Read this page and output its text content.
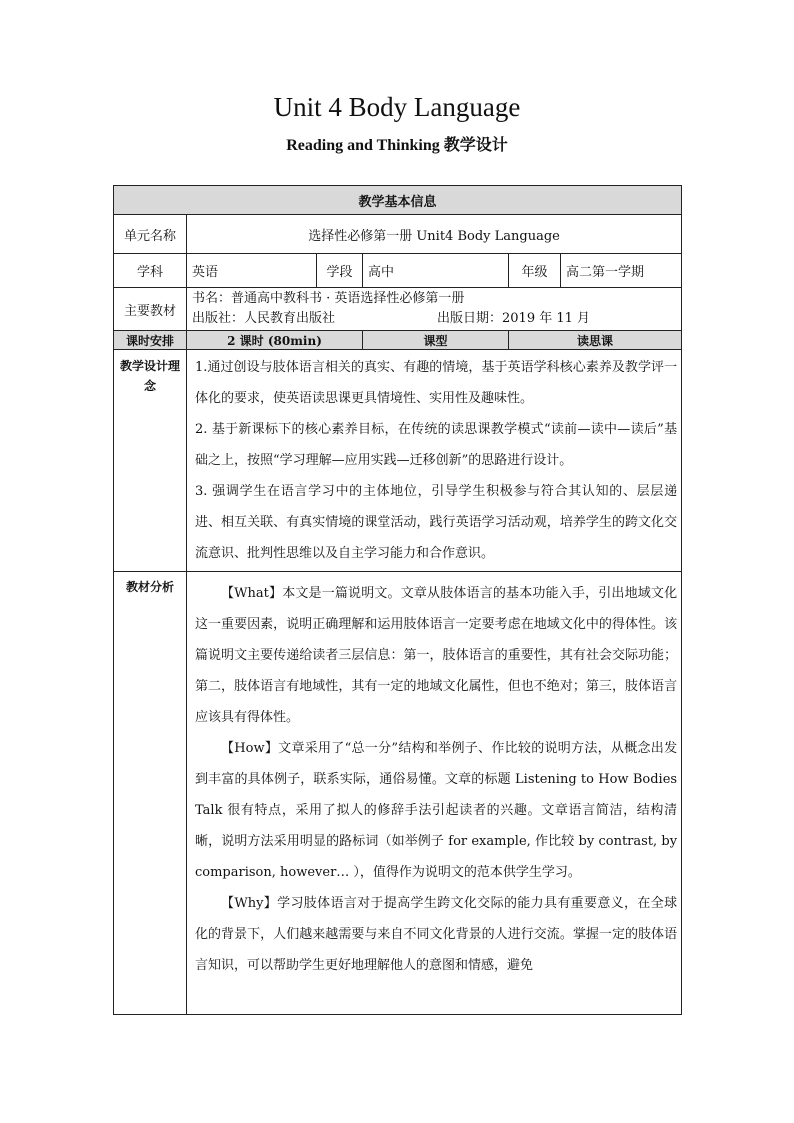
Unit 4 Body Language
Reading and Thinking 教学设计
教学基本信息					
单元名称	选择性必修第一册 Unit4 Body Language				
学科	英语	学段	高中	年级	高二第一学期
主要教材	书名：普通高中教科书 · 英语选择性必修第一册
出版社：人民教育出版社 出版日期：2019 年 11 月				

课时安排	2 课时 (80min)		课型	读思课	
教学设计理念	1.通过创设与肢体语言相关的真实、有趣的情境，基于英语学科核心素养及教学评一体化的要求，使英语读思课更具情境性、实用性及趣味性。

2. 基于新课标下的核心素养目标，在传统的读思课教学模式“读前—读中—读后”基础之上，按照“学习理解—应用实践—迁移创新”的思路进行设计。

3. 强调学生在语言学习中的主体地位，引导学生积极参与符合其认知的、层层递进、相互关联、有真实情境的课堂活动，践行英语学习活动观，培养学生的跨文化交流意识、批判性思维以及自主学习能力和合作意识。				

教材分析	【What】本文是一篇说明文。文章从肢体语言的基本功能入手，引出地域文化这一重要因素，说明正确理解和运用肢体语言一定要考虑在地域文化中的得体性。该篇说明文主要传递给读者三层信息：第一，肢体语言的重要性，其有社会交际功能；第二，肢体语言有地域性，其有一定的地域文化属性，但也不绝对；第三，肢体语言应该具有得体性。

【How】文章采用了“总一分”结构和举例子、作比较的说明方法，从概念出发到丰富的具体例子，联系实际，通俗易懂。文章的标题 Listening to How Bodies Talk 很有特点，采用了拟人的修辞手法引起读者的兴趣。文章语言简洁，结构清晰，说明方法采用明显的路标词（如举例子 for example, 作比较 by contrast, by comparison, however… ），值得作为说明文的范本供学生学习。

【Why】学习肢体语言对于提高学生跨文化交际的能力具有重要意义，在全球化的背景下，人们越来越需要与来自不同文化背景的人进行交流。掌握一定的肢体语言知识，可以帮助学生更好地理解他人的意图和情感，避免				
